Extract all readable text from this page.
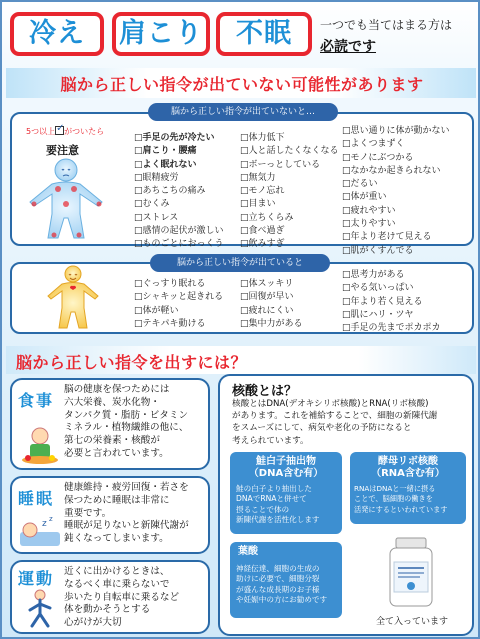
冷え	肩こり	不眠	一つでも当てはまる方は
必読です
脳から正しい指令が出ていない可能性があります
脳から正しい指令が出ていないと…
5つ以上✓ がついたら
要注意
□手足の先が冷たい
□肩こり・腰痛
□よく眠れない
□眼精疲労
□あちこちの痛み
□むくみ
□ストレス
□感情の起伏が激しい
□ものごとにおっくう
□体力低下
□人と話したくなくなる
□ボーっとしている
□無気力
□モノ忘れ
□目まい
□立ちくらみ
□食べ過ぎ
□飲みすぎ
□思い通りに体が動かない
□よくつまずく
□モノにぶつかる
□なかなか起きられない
□だるい
□体が重い
□疲れやすい
□太りやすい
□年より老けて見える
□肌がくすんでる
脳から正しい指令が出ていると
□ぐっすり眠れる
□シャキッと起きれる
□体が軽い
□テキパキ動ける
□体スッキリ
□回復が早い
□疲れにくい
□集中力がある
□思考力がある
□やる気いっぱい
□年より若く見える
□肌にハリ・ツヤ
□手足の先までポカポカ
脳から正しい指令を出すには？
食事
脳の健康を保つためには
六大栄養、炭水化物・
タンパク質・脂肪・ビタミン
ミネラル・植物繊維の他に、
第七の栄養素・核酸が
必要と言われています。
睡眠
z z
健康維持・疲労回復・若さを
保つために睡眠は非常に
重要です。
睡眠が足りないと新陳代謝が
鈍くなってしまいます。
運動 近くに出かけるときは、
なるべく車に乗らないで
歩いたり自転車に乗るなど
体を動かそうとする
心がけが大切
核酸とは？
核酸とはDNA(デオキシリボ核酸)とRNA(リボ核酸)
があります。これを補給することで、細胞の新陳代謝
をスムーズにして、病気や老化の予防になると
考えられています。
鮭白子抽出物
（DNA含む有）
鮭の白子より抽出した
DNAでRNAと併せて
摂ることで体の
新陳代謝を活性化します
酵母リボ核酸
（RNA含む有）
RNAはDNAと一緒に摂る
ことで、脳細胞の働きを
活発にするといわれています
葉酸
神経伝達、細胞の生成の
助けに必要で、細胞分裂
が盛んな成長期のお子様
や妊娠中の方にお勧めです
全て入っています
